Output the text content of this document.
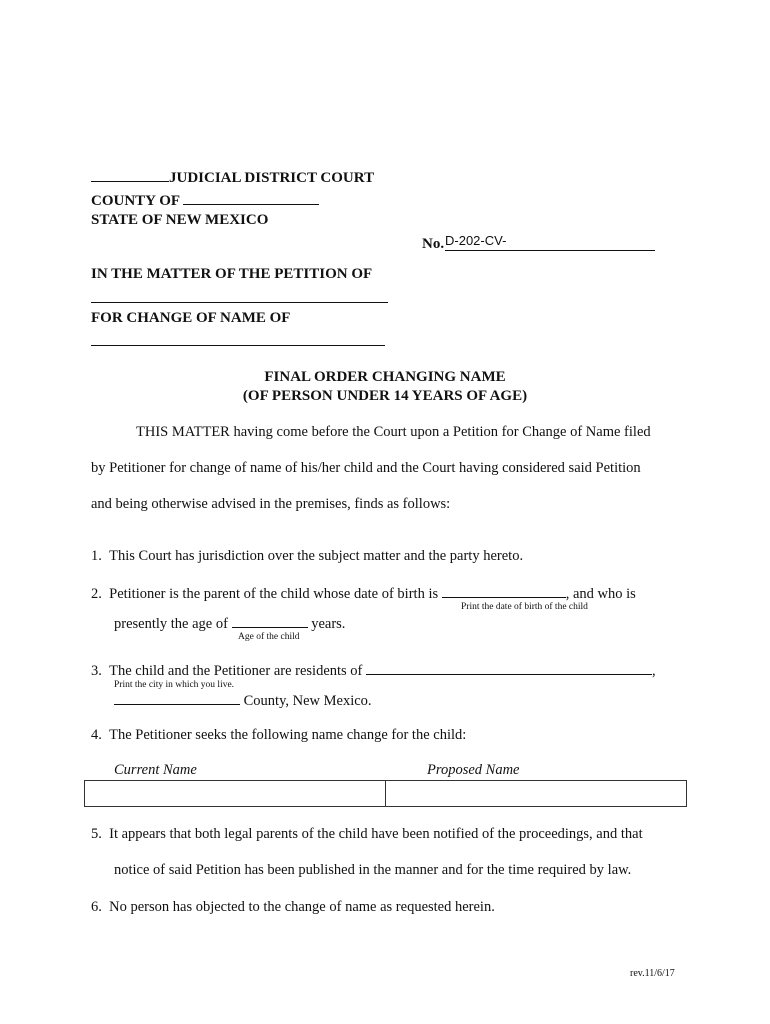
JUDICIAL DISTRICT COURT
COUNTY OF
STATE OF NEW MEXICO
No. D-202-CV-
IN THE MATTER OF THE PETITION OF
FOR CHANGE OF NAME OF
FINAL ORDER CHANGING NAME
(OF PERSON UNDER 14 YEARS OF AGE)
THIS MATTER having come before the Court upon a Petition for Change of Name filed
by Petitioner for change of name of his/her child and the Court having considered said Petition
and being otherwise advised in the premises, finds as follows:
1. This Court has jurisdiction over the subject matter and the party hereto.
2. Petitioner is the parent of the child whose date of birth is	, and who is
Print the date of birth of the child
presently the age of	years.
Age of the child
3. The child and the Petitioner are residents of	,
Print the city in which you live.
County, New Mexico.
4. The Petitioner seeks the following name change for the child:
Current Name	Proposed Name

5. It appears that both legal parents of the child have been notified of the proceedings, and that
notice of said Petition has been published in the manner and for the time required by law.
6. No person has objected to the change of name as requested herein.
rev.11/6/17
